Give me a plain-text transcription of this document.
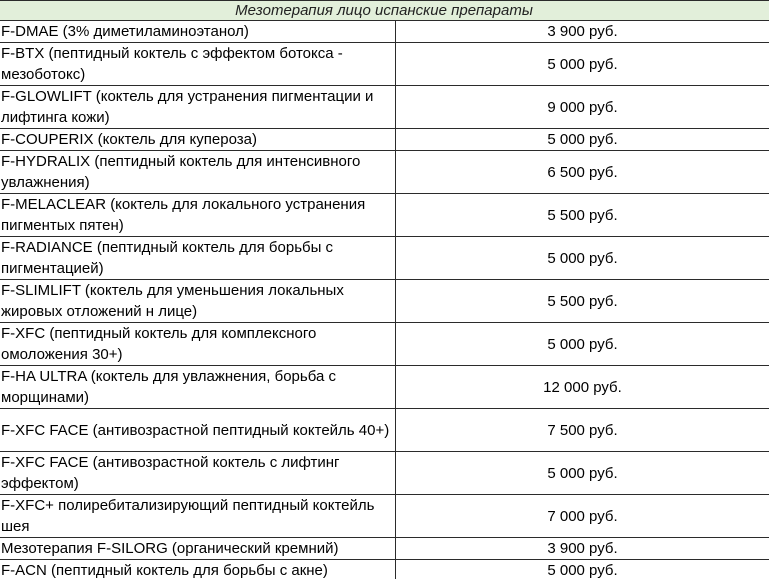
Мезотерапия лицо испанские препараты	

F-DMAE (3% диметиламиноэтанол)	3 900 руб.

F-BTX (пептидный коктель с эффектом ботокса - мезоботокс)	5 000 руб.

F-GLOWLIFT (коктель для устранения пигментации и лифтинга кожи)	9 000 руб.

F-COUPERIX (коктель для купероза)	5 000 руб.

F-HYDRALIX (пептидный коктель для интенсивного увлажнения)	6 500 руб.

F-MELACLEAR (коктель для локального устранения пигментых пятен)	5 500 руб.

F-RADIANCE (пептидный коктель для борьбы с пигментацией)	5 000 руб.

F-SLIMLIFT (коктель для уменьшения локальных жировых отложений н лице)	5 500 руб.

F-XFC (пептидный коктель для комплексного омоложения 30+)	5 000 руб.

F-HA ULTRA (коктель для увлажнения, борьба с морщинами)	12 000 руб.

F-XFC FACE (антивозрастной пептидный коктейль 40+)	7 500 руб.

F-XFC FACE (антивозрастной коктель с лифтинг эффектом)	5 000 руб.

F-XFC+ полиребитализирующий пептидный коктейль шея	7 000 руб.

Мезотерапия F-SILORG (органический кремний)	3 900 руб.

F-ACN (пептидный коктель для борьбы с акне)	5 000 руб.
